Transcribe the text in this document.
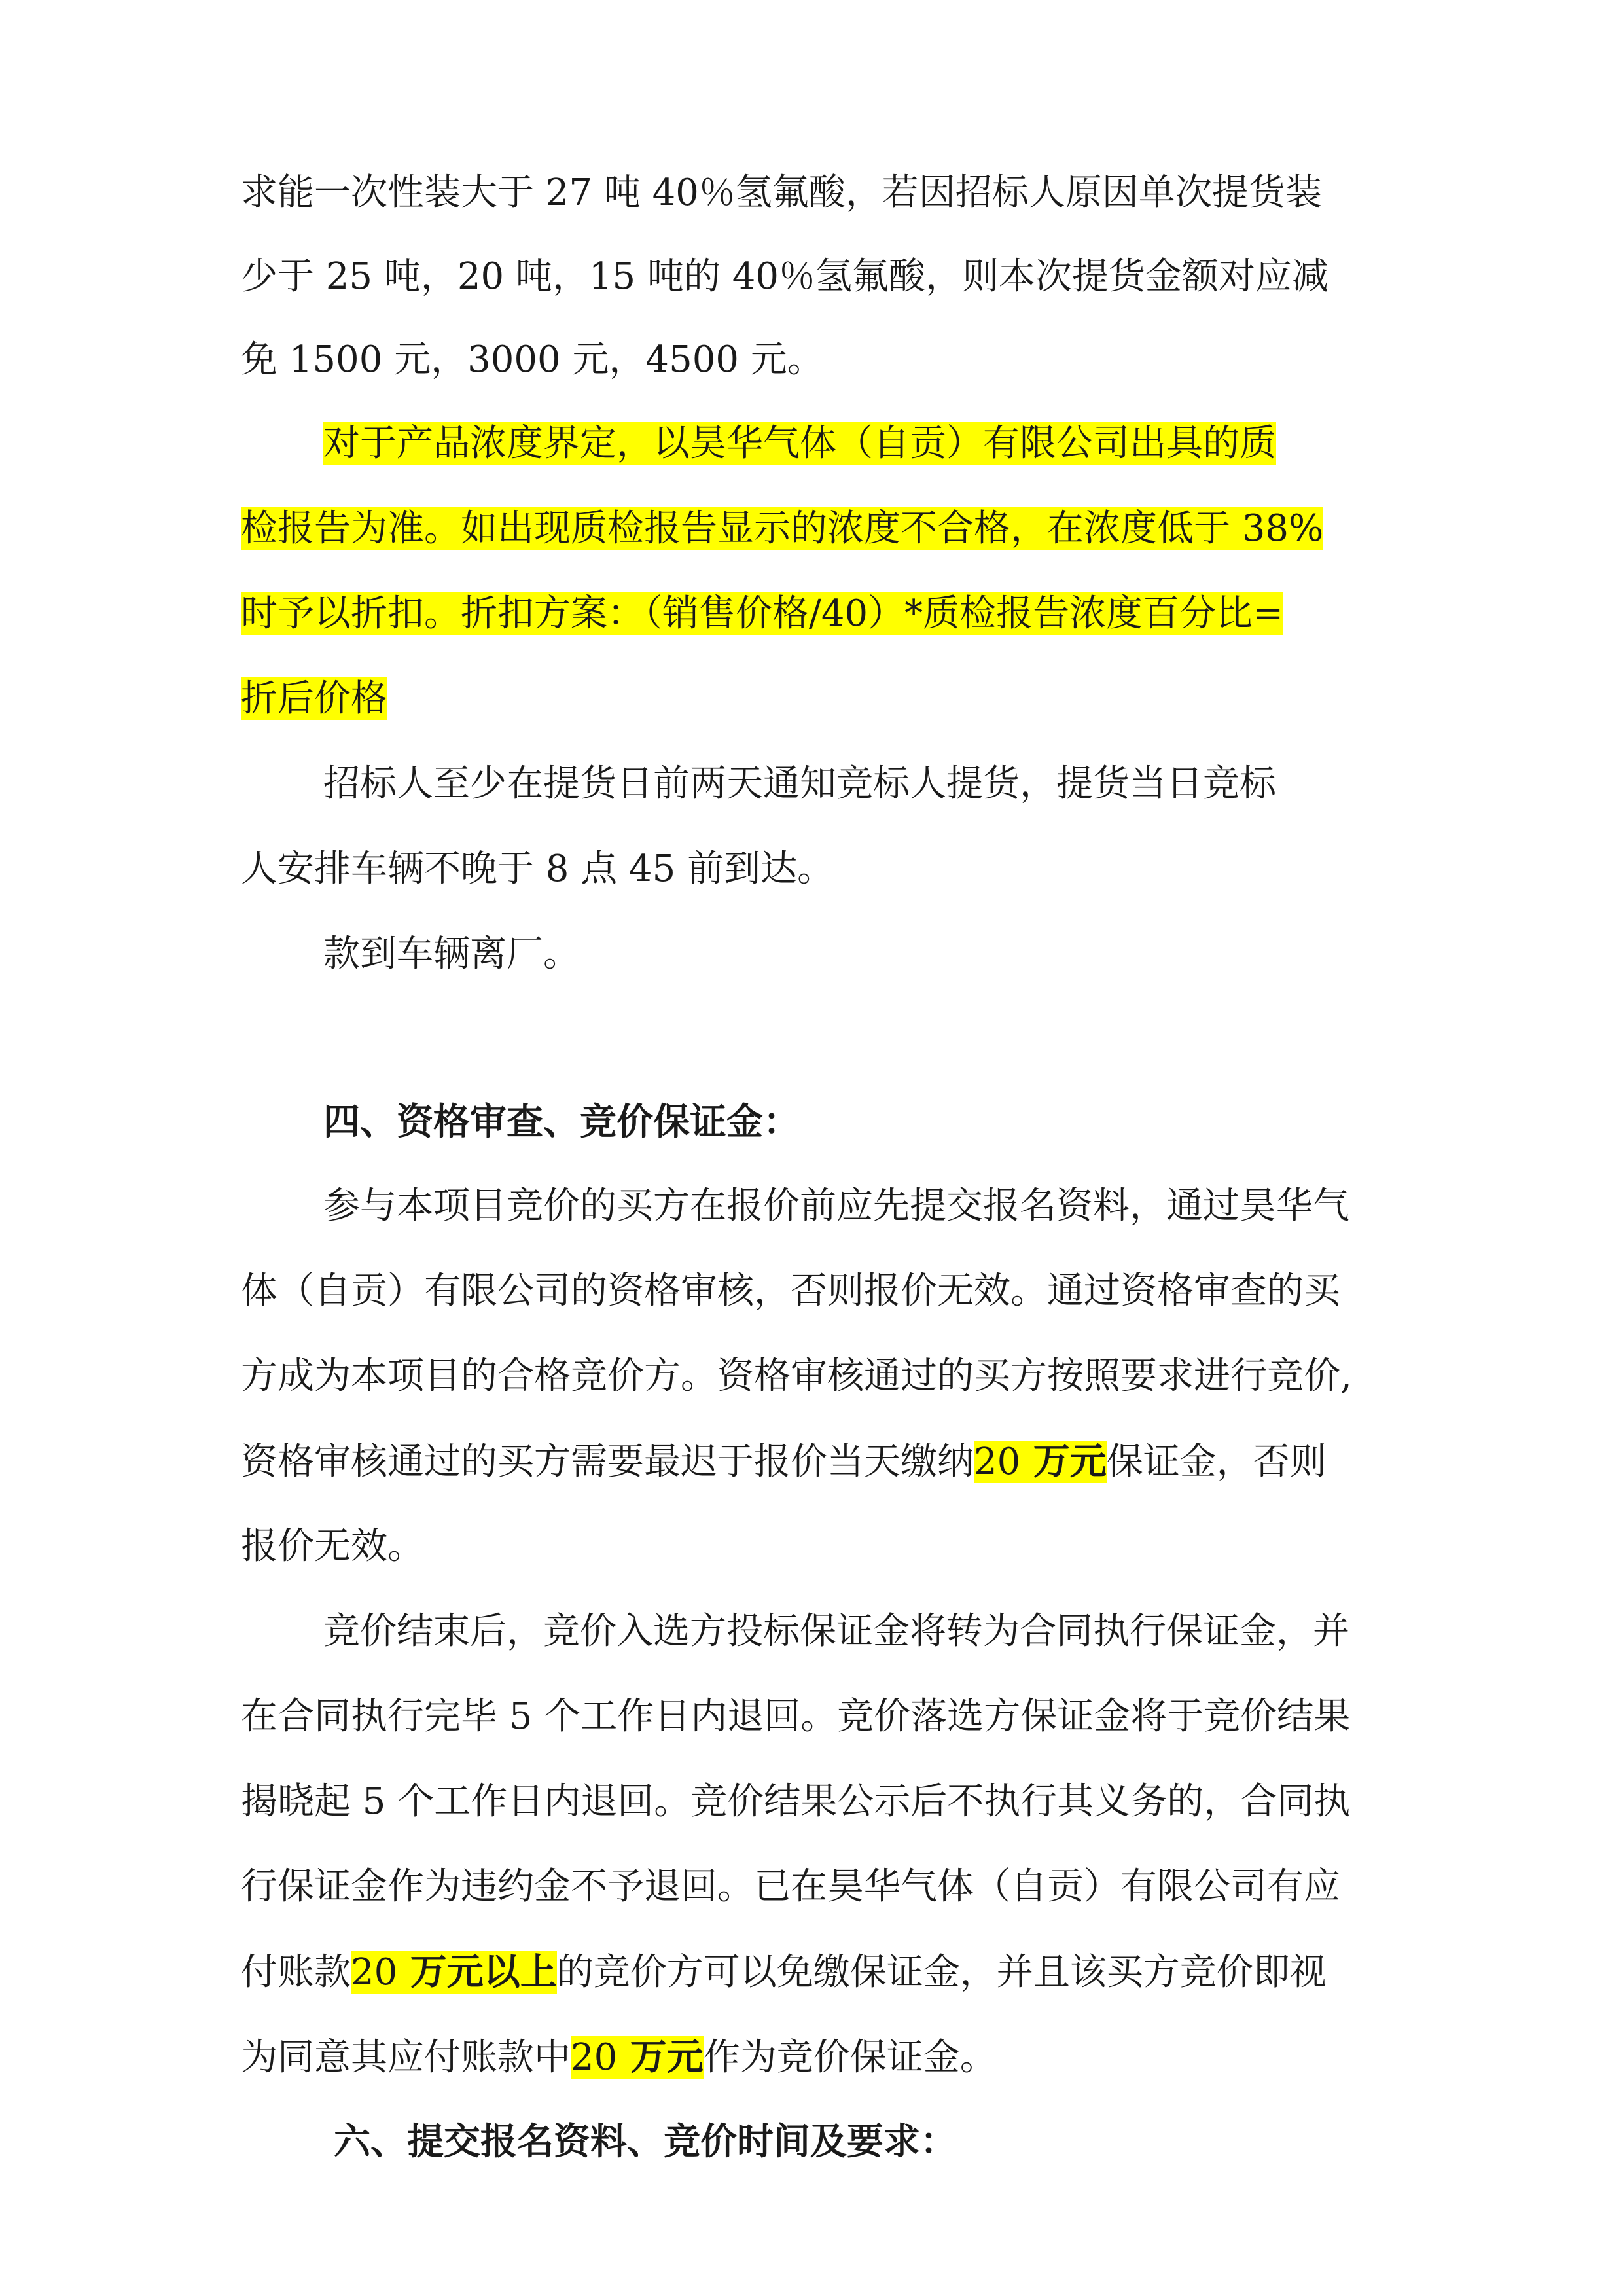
求能一次性装大于 27 吨 40％氢氟酸，若因招标人原因单次提货装

少于 25 吨，20 吨，15 吨的 40％氢氟酸，则本次提货金额对应减

免 1500 元，3000 元，4500 元。

对于产品浓度界定，以昊华气体（自贡）有限公司出具的质

检报告为准。如出现质检报告显示的浓度不合格，在浓度低于 38%

时予以折扣。折扣方案：（销售价格/40）*质检报告浓度百分比=

折后价格

招标人至少在提货日前两天通知竞标人提货，提货当日竞标

人安排车辆不晚于 8 点 45 前到达。

款到车辆离厂。

四、资格审查、竞价保证金：

参与本项目竞价的买方在报价前应先提交报名资料，通过昊华气

体（自贡）有限公司的资格审核，否则报价无效。通过资格审查的买

方成为本项目的合格竞价方。资格审核通过的买方按照要求进行竞价,

资格审核通过的买方需要最迟于报价当天缴纳20 万元保证金，否则

报价无效。

竞价结束后，竞价入选方投标保证金将转为合同执行保证金，并

在合同执行完毕 5 个工作日内退回。竞价落选方保证金将于竞价结果

揭晓起 5 个工作日内退回。竞价结果公示后不执行其义务的，合同执

行保证金作为违约金不予退回。已在昊华气体（自贡）有限公司有应

付账款20 万元以上的竞价方可以免缴保证金，并且该买方竞价即视

为同意其应付账款中20 万元作为竞价保证金。

六、提交报名资料、竞价时间及要求：
